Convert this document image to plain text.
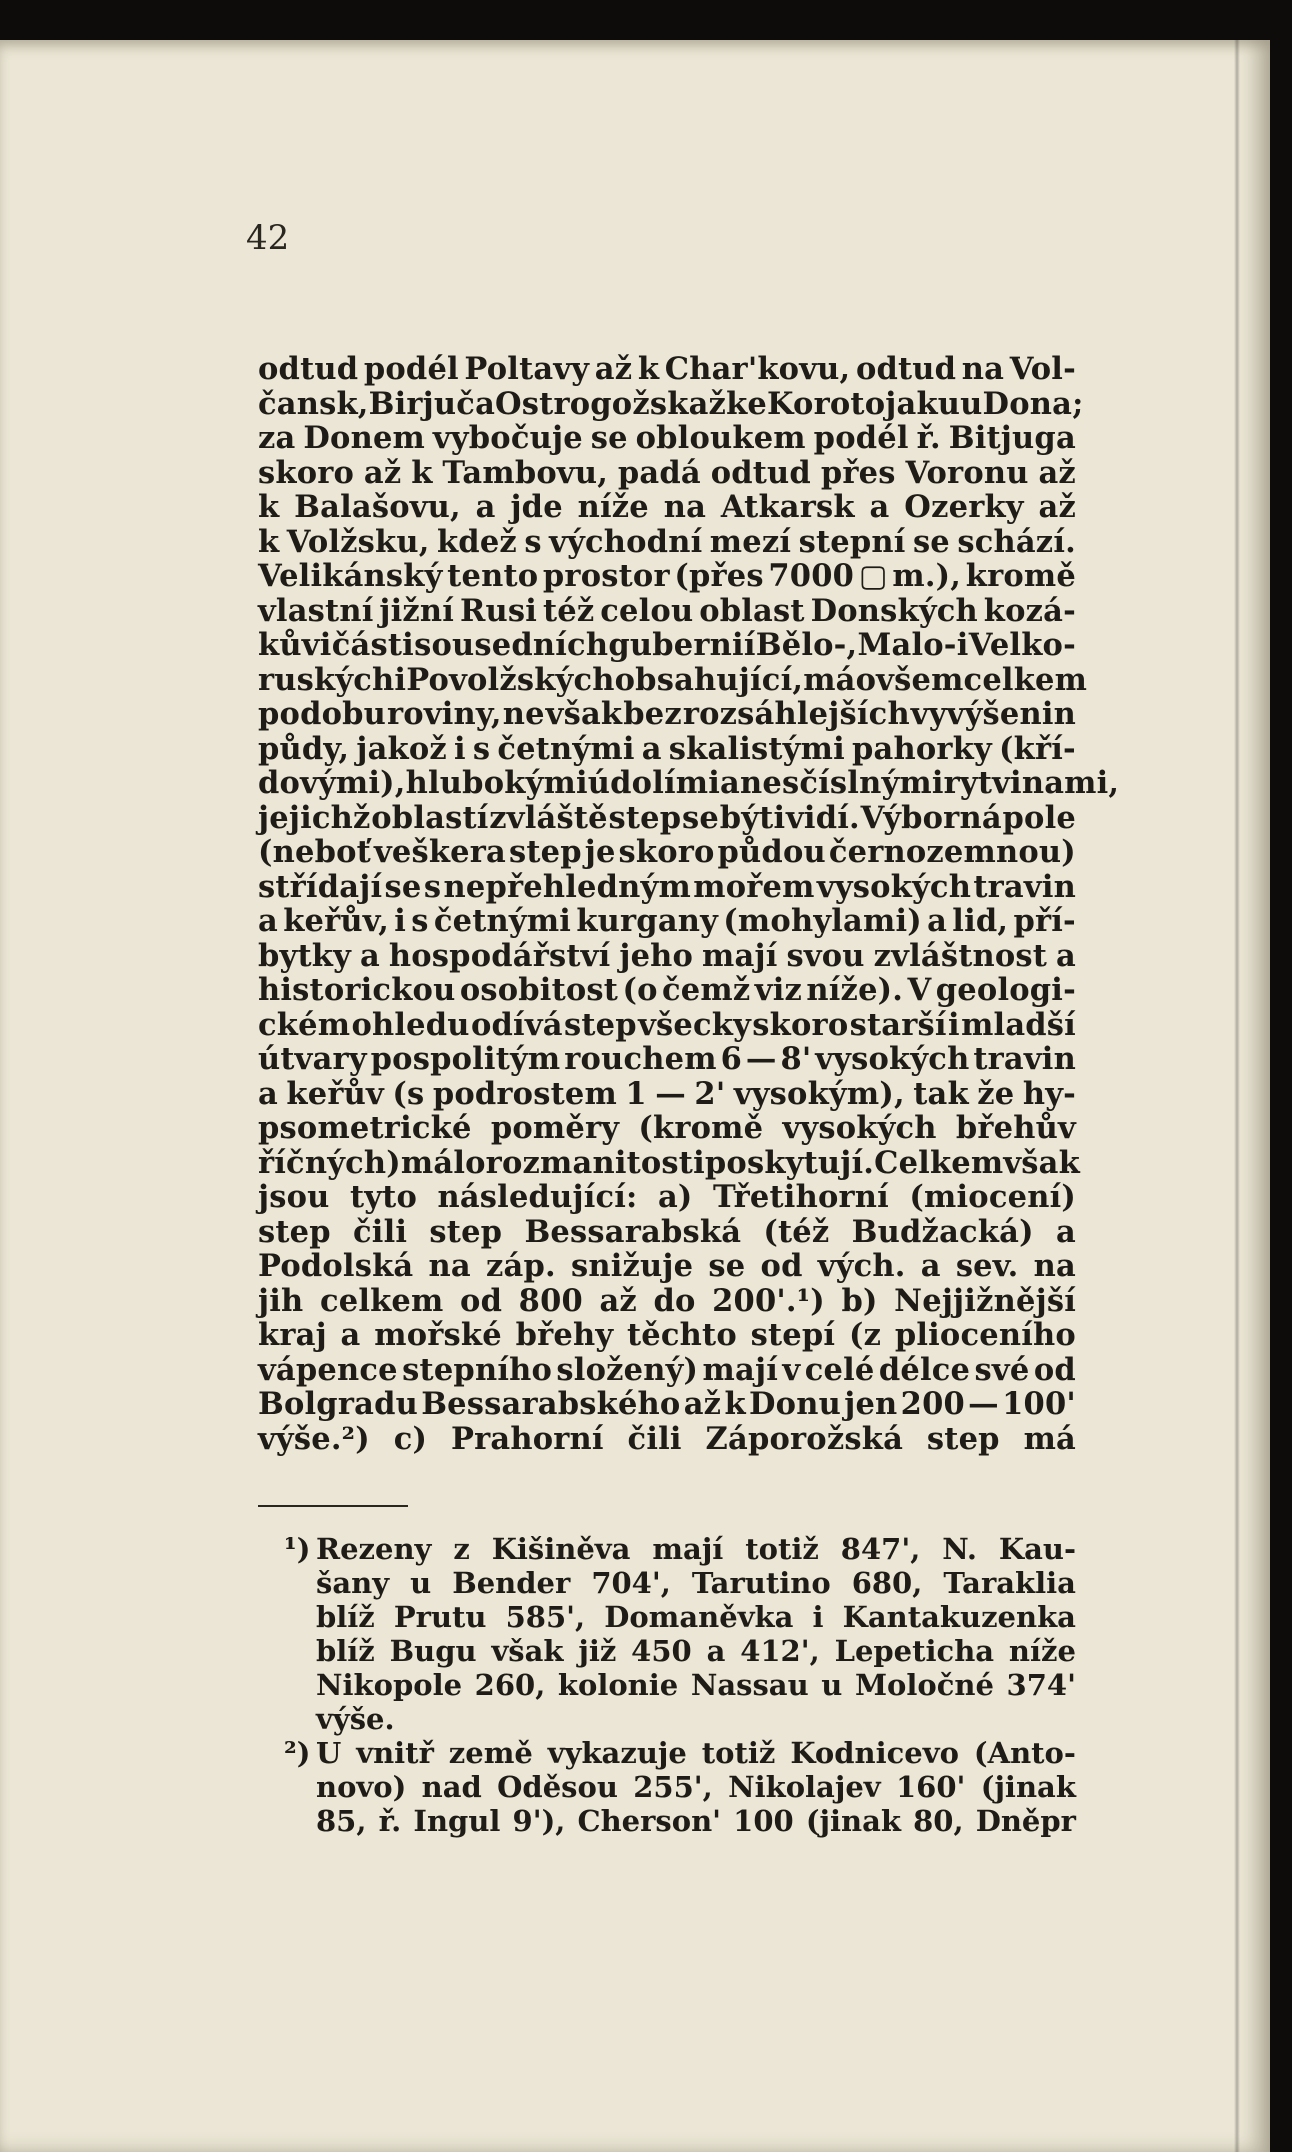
42
odtud podél Poltavy až k Char'kovu, odtud na Vol-
čansk, Birjuč a Ostrogožsk až ke Korotojaku u Dona;
za Donem vybočuje se obloukem podél ř. Bitjuga
skoro až k Tambovu, padá odtud přes Voronu až
k Balašovu, a jde níže na Atkarsk a Ozerky až
k Volžsku, kdež s východní mezí stepní se schází.
Velikánský tento prostor (přes 7000 ▢ m.), kromě
vlastní jižní Rusi též celou oblast Donských kozá-
kův i části sousedních gubernií Bělo-, Malo- i Velko-
ruských i Povolžských obsahující, má ovšem celkem
podobu roviny, ne však bez rozsáhlejších vyvýšenin
půdy, jakož i s četnými a skalistými pahorky (kří-
dovými), hlubokými údolími a nesčíslnými rytvinami,
jejichž oblastí zvláště step se býti vidí. Výborná pole
(neboť veškera step je skoro půdou černozemnou)
střídají se s nepřehledným mořem vysokých travin
a keřův, i s četnými kurgany (mohylami) a lid, pří-
bytky a hospodářství jeho mají svou zvláštnost a
historickou osobitost (o čemž viz níže). V geologi-
ckém ohledu odívá step všecky skoro starší i mladší
útvary pospolitým rouchem 6 — 8' vysokých travin
a keřův (s podrostem 1 — 2' vysokým), tak že hy-
psometrické poměry (kromě vysokých břehův
říčných) málo rozmanitosti poskytují. Celkem však
jsou tyto následující: a) Třetihorní (miocení)
step čili step Bessarabská (též Budžacká) a
Podolská na záp. snižuje se od vých. a sev. na
jih celkem od 800 až do 200'.¹) b) Nejjižnější
kraj a mořské břehy těchto stepí (z plioceního
vápence stepního složený) mají v celé délce své od
Bolgradu Bessarabského až k Donu jen 200 — 100'
výše.²) c) Prahorní čili Záporožská step má
¹) Rezeny z Kišiněva mají totiž 847', N. Kau-
šany u Bender 704', Tarutino 680, Taraklia
blíž Prutu 585', Domaněvka i Kantakuzenka
blíž Bugu však již 450 a 412', Lepeticha níže
Nikopole 260, kolonie Nassau u Moločné 374'
výše.
²) U vnitř země vykazuje totiž Kodnicevo (Anto-
novo) nad Oděsou 255', Nikolajev 160' (jinak
85, ř. Ingul 9'), Cherson' 100 (jinak 80, Dněpr
